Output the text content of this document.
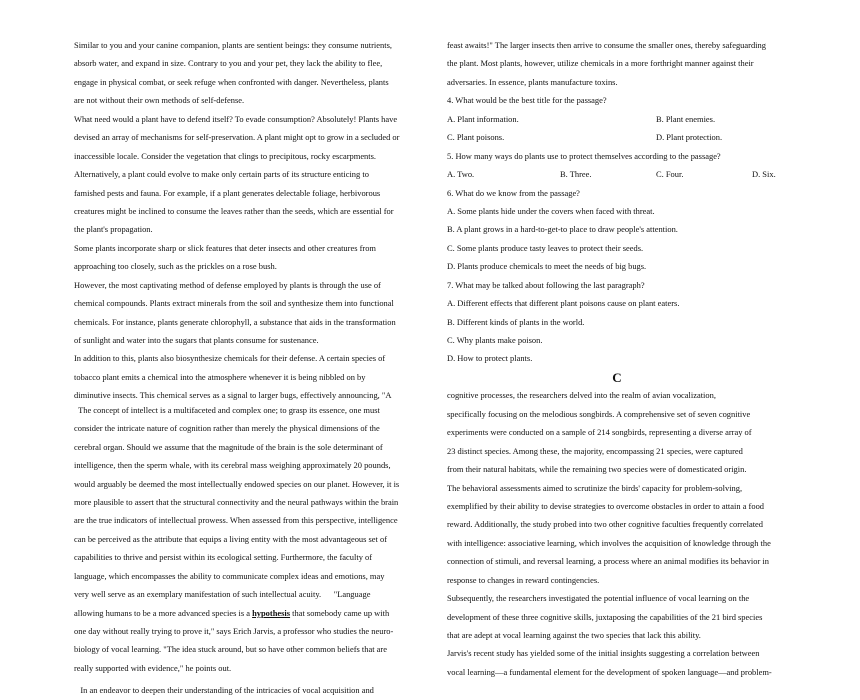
Similar to you and your canine companion, plants are sentient beings: they consume nutrients,
absorb water, and expand in size. Contrary to you and your pet, they lack the ability to flee,
engage in physical combat, or seek refuge when confronted with danger. Nevertheless, plants
are not without their own methods of self-defense.
What need would a plant have to defend itself? To evade consumption? Absolutely! Plants have
devised an array of mechanisms for self-preservation. A plant might opt to grow in a secluded or
inaccessible locale. Consider the vegetation that clings to precipitous, rocky escarpments.
Alternatively, a plant could evolve to make only certain parts of its structure enticing to
famished pests and fauna. For example, if a plant generates delectable foliage, herbivorous
creatures might be inclined to consume the leaves rather than the seeds, which are essential for
the plant's propagation.
Some plants incorporate sharp or slick features that deter insects and other creatures from
approaching too closely, such as the prickles on a rose bush.
However, the most captivating method of defense employed by plants is through the use of
chemical compounds. Plants extract minerals from the soil and synthesize them into functional
chemicals. For instance, plants generate chlorophyll, a substance that aids in the transformation
of sunlight and water into the sugars that plants consume for sustenance.
In addition to this, plants also biosynthesize chemicals for their defense. A certain species of
tobacco plant emits a chemical into the atmosphere whenever it is being nibbled on by
diminutive insects. This chemical serves as a signal to larger bugs, effectively announcing, "A
The concept of intellect is a multifaceted and complex one; to grasp its essence, one must
consider the intricate nature of cognition rather than merely the physical dimensions of the
cerebral organ. Should we assume that the magnitude of the brain is the sole determinant of
intelligence, then the sperm whale, with its cerebral mass weighing approximately 20 pounds,
would arguably be deemed the most intellectually endowed species on our planet. However, it is
more plausible to assert that the structural connectivity and the neural pathways within the brain
are the true indicators of intellectual prowess. When assessed from this perspective, intelligence
can be perceived as the attribute that equips a living entity with the most advantageous set of
capabilities to thrive and persist within its ecological setting. Furthermore, the faculty of
language, which encompasses the ability to communicate complex ideas and emotions, may
very well serve as an exemplary manifestation of such intellectual acuity.      "Language
allowing humans to be a more advanced species is a hypothesis that somebody came up with
one day without really trying to prove it," says Erich Jarvis, a professor who studies the neuro-
biology of vocal learning. "The idea stuck around, but so have other common beliefs that are
really supported with evidence," he points out.
In an endeavor to deepen their understanding of the intricacies of vocal acquisition and
feast awaits!" The larger insects then arrive to consume the smaller ones, thereby safeguarding
the plant. Most plants, however, utilize chemicals in a more forthright manner against their
adversaries. In essence, plants manufacture toxins.
4. What would be the best title for the passage?
A. Plant information.	B. Plant enemies.
C. Plant poisons.	D. Plant protection.
5. How many ways do plants use to protect themselves according to the passage?
A. Two.	B. Three.	C. Four.	D. Six.
6. What do we know from the passage?
A. Some plants hide under the covers when faced with threat.
B. A plant grows in a hard-to-get-to place to draw people's attention.
C. Some plants produce tasty leaves to protect their seeds.
D. Plants produce chemicals to meet the needs of big bugs.
7. What may be talked about following the last paragraph?
A. Different effects that different plant poisons cause on plant eaters.
B. Different kinds of plants in the world.
C. Why plants make poison.
D. How to protect plants.
C
cognitive processes, the researchers delved into the realm of avian vocalization,
specifically focusing on the melodious songbirds. A comprehensive set of seven cognitive
experiments were conducted on a sample of 214 songbirds, representing a diverse array of
23 distinct species. Among these, the majority, encompassing 21 species, were captured
from their natural habitats, while the remaining two species were of domesticated origin.
The behavioral assessments aimed to scrutinize the birds' capacity for problem-solving,
exemplified by their ability to devise strategies to overcome obstacles in order to attain a food
reward. Additionally, the study probed into two other cognitive faculties frequently correlated
with intelligence: associative learning, which involves the acquisition of knowledge through the
connection of stimuli, and reversal learning, a process where an animal modifies its behavior in
response to changes in reward contingencies.
Subsequently, the researchers investigated the potential influence of vocal learning on the
development of these three cognitive skills, juxtaposing the capabilities of the 21 bird species
that are adept at vocal learning against the two species that lack this ability.
Jarvis's recent study has yielded some of the initial insights suggesting a correlation between
vocal learning—a fundamental element for the development of spoken language—and problem-
